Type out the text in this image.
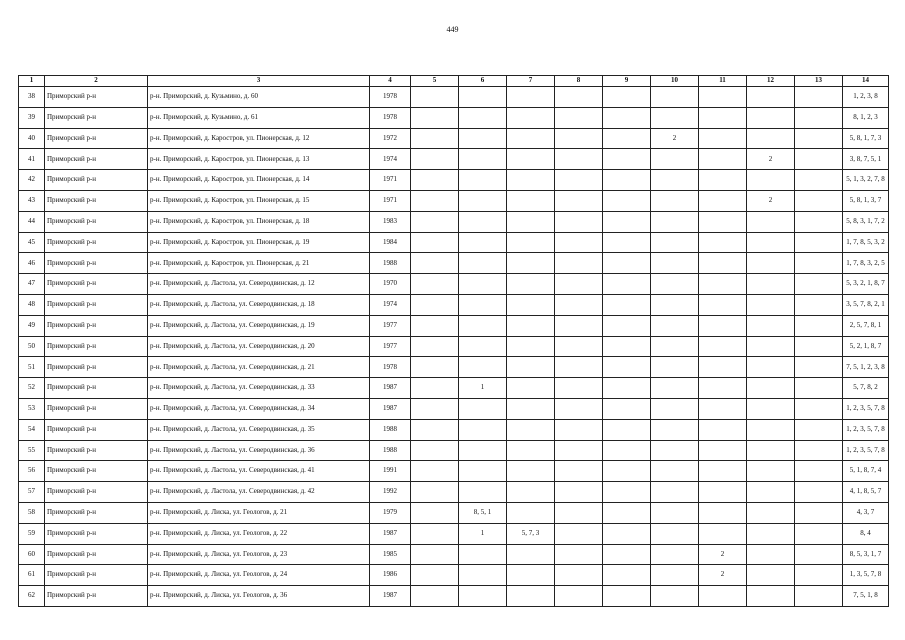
449
1	2	3	4	5	6	7	8	9	10	11	12	13	14
38	Приморский р-н	р-н. Приморский, д. Кузьмино, д. 60	1978										1, 2, 3, 8
39	Приморский р-н	р-н. Приморский, д. Кузьмино, д. 61	1978										8, 1, 2, 3
40	Приморский р-н	р-н. Приморский, д. Каростров, ул. Пионерская, д. 12	1972						2				5, 8, 1, 7, 3
41	Приморский р-н	р-н. Приморский, д. Каростров, ул. Пионерская, д. 13	1974								2		3, 8, 7, 5, 1
42	Приморский р-н	р-н. Приморский, д. Каростров, ул. Пионерская, д. 14	1971										5, 1, 3, 2, 7, 8
43	Приморский р-н	р-н. Приморский, д. Каростров, ул. Пионерская, д. 15	1971								2		5, 8, 1, 3, 7
44	Приморский р-н	р-н. Приморский, д. Каростров, ул. Пионерская, д. 18	1983										5, 8, 3, 1, 7, 2
45	Приморский р-н	р-н. Приморский, д. Каростров, ул. Пионерская, д. 19	1984										1, 7, 8, 5, 3, 2
46	Приморский р-н	р-н. Приморский, д. Каростров, ул. Пионерская, д. 21	1988										1, 7, 8, 3, 2, 5
47	Приморский р-н	р-н. Приморский, д. Ластола, ул. Северодвинская, д. 12	1970										5, 3, 2, 1, 8, 7
48	Приморский р-н	р-н. Приморский, д. Ластола, ул. Северодвинская, д. 18	1974										3, 5, 7, 8, 2, 1
49	Приморский р-н	р-н. Приморский, д. Ластола, ул. Северодвинская, д. 19	1977										2, 5, 7, 8, 1
50	Приморский р-н	р-н. Приморский, д. Ластола, ул. Северодвинская, д. 20	1977										5, 2, 1, 8, 7
51	Приморский р-н	р-н. Приморский, д. Ластола, ул. Северодвинская, д. 21	1978										7, 5, 1, 2, 3, 8
52	Приморский р-н	р-н. Приморский, д. Ластола, ул. Северодвинская, д. 33	1987		1								5, 7, 8, 2
53	Приморский р-н	р-н. Приморский, д. Ластола, ул. Северодвинская, д. 34	1987										1, 2, 3, 5, 7, 8
54	Приморский р-н	р-н. Приморский, д. Ластола, ул. Северодвинская, д. 35	1988										1, 2, 3, 5, 7, 8
55	Приморский р-н	р-н. Приморский, д. Ластола, ул. Северодвинская, д. 36	1988										1, 2, 3, 5, 7, 8
56	Приморский р-н	р-н. Приморский, д. Ластола, ул. Северодвинская, д. 41	1991										5, 1, 8, 7, 4
57	Приморский р-н	р-н. Приморский, д. Ластола, ул. Северодвинская, д. 42	1992										4, 1, 8, 5, 7
58	Приморский р-н	р-н. Приморский, д. Лиска, ул. Геологов, д. 21	1979		8, 5, 1								4, 3, 7
59	Приморский р-н	р-н. Приморский, д. Лиска, ул. Геологов, д. 22	1987		1	5, 7, 3							8, 4
60	Приморский р-н	р-н. Приморский, д. Лиска, ул. Геологов, д. 23	1985							2			8, 5, 3, 1, 7
61	Приморский р-н	р-н. Приморский, д. Лиска, ул. Геологов, д. 24	1986							2			1, 3, 5, 7, 8
62	Приморский р-н	р-н. Приморский, д. Лиска, ул. Геологов, д. 36	1987										7, 5, 1, 8
